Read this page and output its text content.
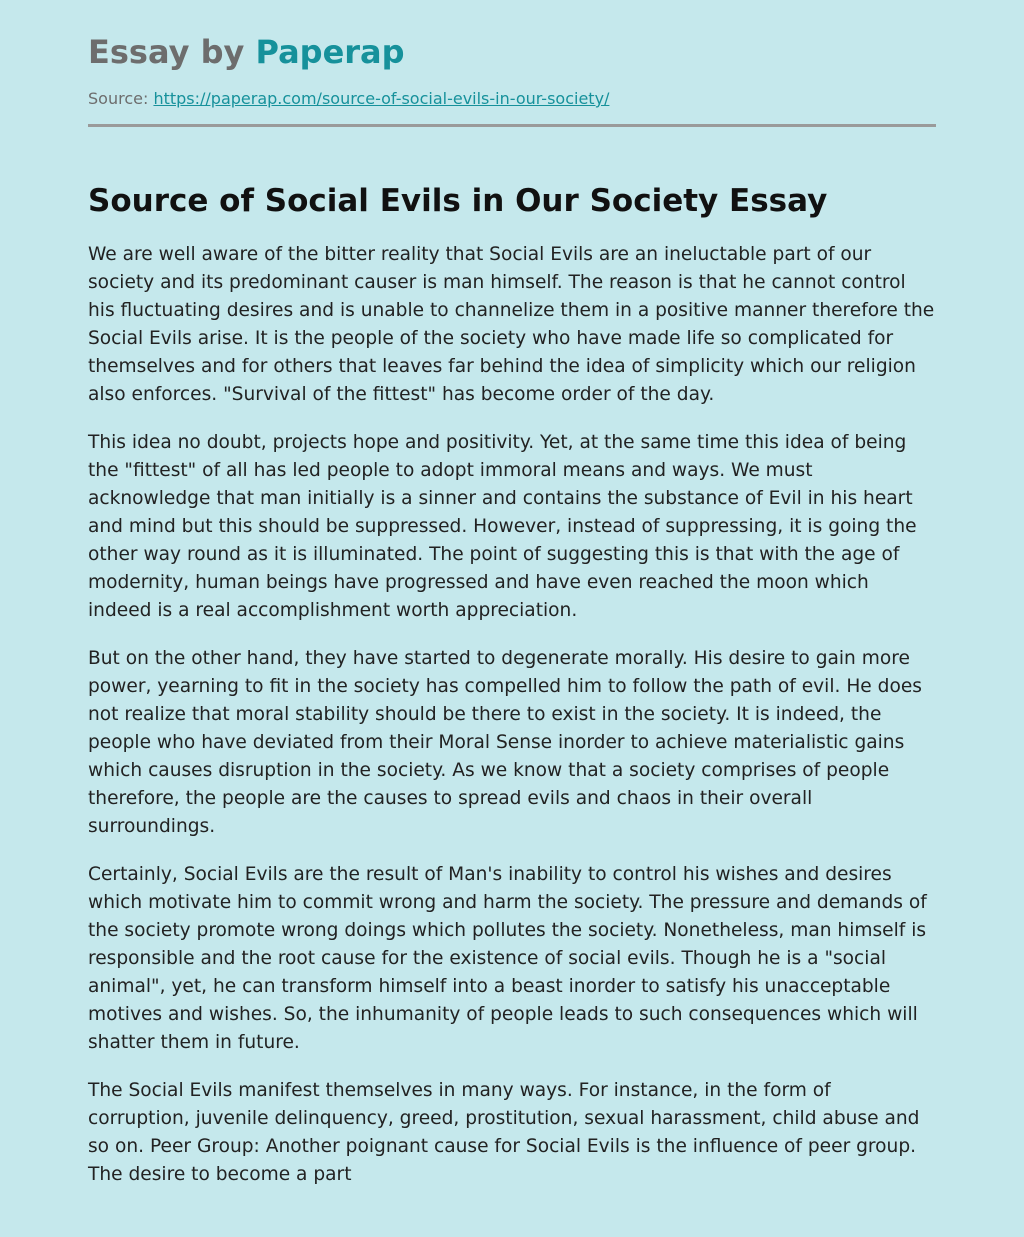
Essay by Paperap
Source: https://paperap.com/source-of-social-evils-in-our-society/
Source of Social Evils in Our Society Essay

We are well aware of the bitter reality that Social Evils are an ineluctable part of our society and its predominant causer is man himself. The reason is that he cannot control his fluctuating desires and is unable to channelize them in a positive manner therefore the Social Evils arise. It is the people of the society who have made life so complicated for themselves and for others that leaves far behind the idea of simplicity which our religion also enforces. "Survival of the fittest" has become order of the day.

This idea no doubt, projects hope and positivity. Yet, at the same time this idea of being the "fittest" of all has led people to adopt immoral means and ways. We must acknowledge that man initially is a sinner and contains the substance of Evil in his heart and mind but this should be suppressed. However, instead of suppressing, it is going the other way round as it is illuminated. The point of suggesting this is that with the age of modernity, human beings have progressed and have even reached the moon which indeed is a real accomplishment worth appreciation.

But on the other hand, they have started to degenerate morally. His desire to gain more power, yearning to fit in the society has compelled him to follow the path of evil. He does not realize that moral stability should be there to exist in the society. It is indeed, the people who have deviated from their Moral Sense inorder to achieve materialistic gains which causes disruption in the society. As we know that a society comprises of people therefore, the people are the causes to spread evils and chaos in their overall surroundings.

Certainly, Social Evils are the result of Man's inability to control his wishes and desires which motivate him to commit wrong and harm the society. The pressure and demands of the society promote wrong doings which pollutes the society. Nonetheless, man himself is responsible and the root cause for the existence of social evils. Though he is a "social animal", yet, he can transform himself into a beast inorder to satisfy his unacceptable motives and wishes. So, the inhumanity of people leads to such consequences which will shatter them in future.

The Social Evils manifest themselves in many ways. For instance, in the form of corruption, juvenile delinquency, greed, prostitution, sexual harassment, child abuse and so on. Peer Group: Another poignant cause for Social Evils is the influence of peer group. The desire to become a part
